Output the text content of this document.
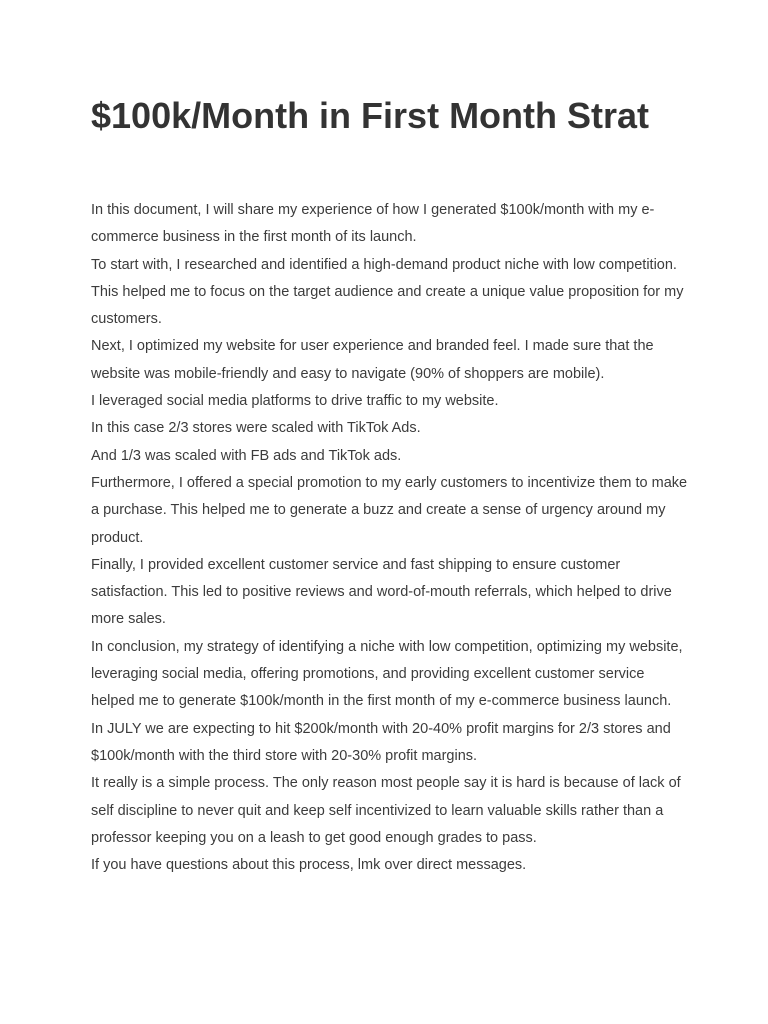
$100k/Month in First Month Strat

In this document, I will share my experience of how I generated $100k/month with my e-commerce business in the first month of its launch.

To start with, I researched and identified a high-demand product niche with low competition. This helped me to focus on the target audience and create a unique value proposition for my customers.

Next, I optimized my website for user experience and branded feel. I made sure that the website was mobile-friendly and easy to navigate (90% of shoppers are mobile).

I leveraged social media platforms to drive traffic to my website.

In this case 2/3 stores were scaled with TikTok Ads.

And 1/3 was scaled with FB ads and TikTok ads.

Furthermore, I offered a special promotion to my early customers to incentivize them to make a purchase. This helped me to generate a buzz and create a sense of urgency around my product.

Finally, I provided excellent customer service and fast shipping to ensure customer satisfaction. This led to positive reviews and word-of-mouth referrals, which helped to drive more sales.

In conclusion, my strategy of identifying a niche with low competition, optimizing my website, leveraging social media, offering promotions, and providing excellent customer service helped me to generate $100k/month in the first month of my e-commerce business launch.

In JULY we are expecting to hit $200k/month with 20-40% profit margins for 2/3 stores and $100k/month with the third store with 20-30% profit margins.

It really is a simple process. The only reason most people say it is hard is because of lack of self discipline to never quit and keep self incentivized to learn valuable skills rather than a professor keeping you on a leash to get good enough grades to pass.

If you have questions about this process, lmk over direct messages.
